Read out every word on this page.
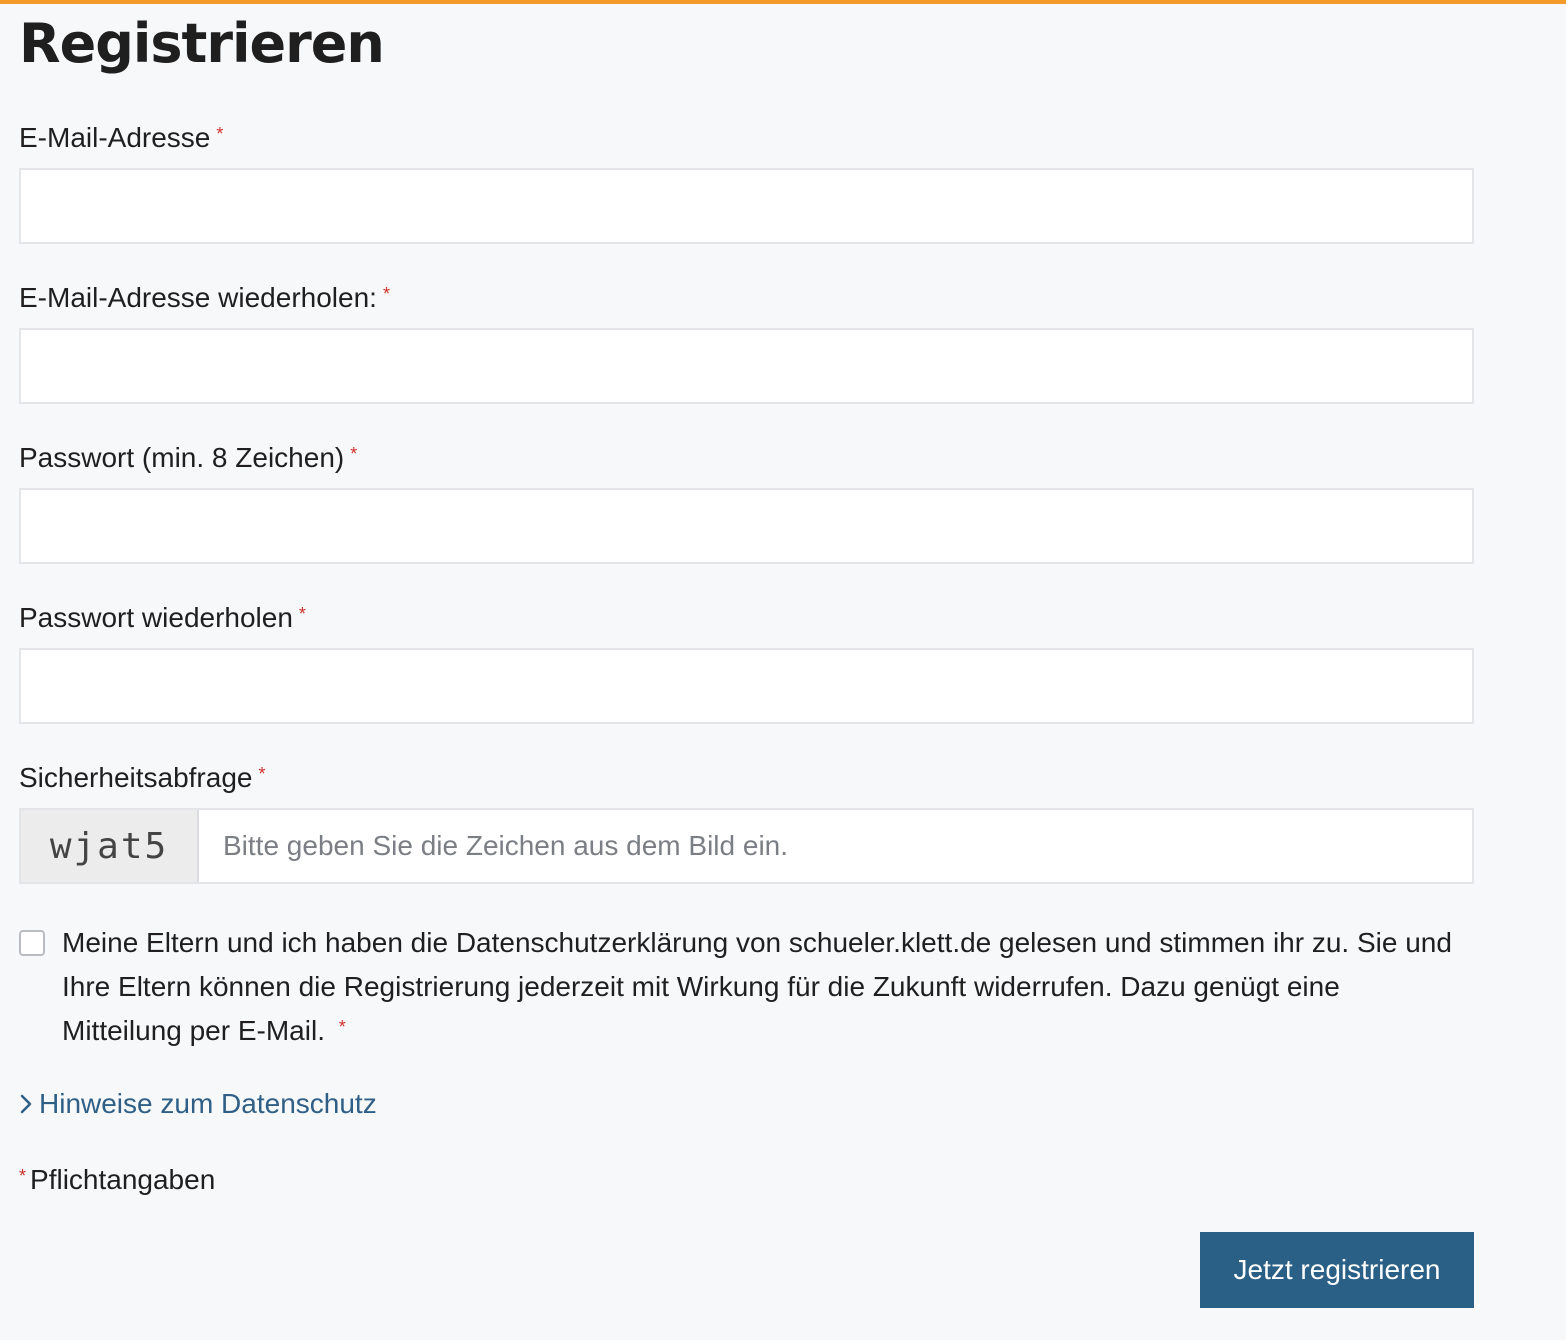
Registrieren
E-Mail-Adresse *
E-Mail-Adresse wiederholen: *
Passwort (min. 8 Zeichen) *
Passwort wiederholen *
Sicherheitsabfrage *
wjat5
Bitte geben Sie die Zeichen aus dem Bild ein.
Meine Eltern und ich haben die Datenschutzerklärung von schueler.klett.de gelesen und stimmen ihr zu. Sie und Ihre Eltern können die Registrierung jederzeit mit Wirkung für die Zukunft widerrufen. Dazu genügt eine Mitteilung per E-Mail. *
Hinweise zum Datenschutz
* Pflichtangaben
Jetzt registrieren
